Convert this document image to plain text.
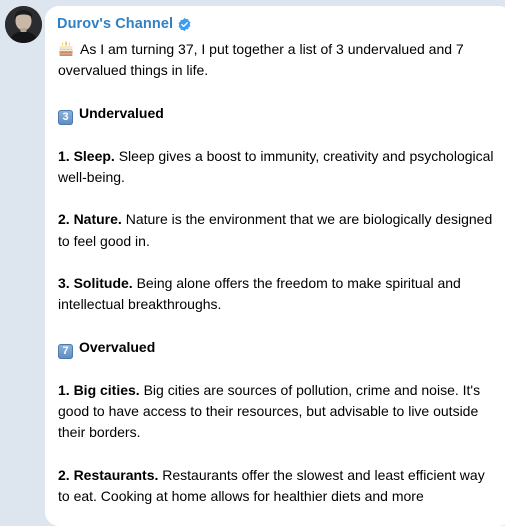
Durov's Channel

As I am turning 37, I put together a list of 3 undervalued and 7 overvalued things in life.

3 Undervalued

1. Sleep. Sleep gives a boost to immunity, creativity and psychological well-being.

2. Nature. Nature is the environment that we are biologically designed to feel good in.

3. Solitude. Being alone offers the freedom to make spiritual and intellectual breakthroughs.

7 Overvalued

1. Big cities. Big cities are sources of pollution, crime and noise. It's good to have access to their resources, but advisable to live outside their borders.

2. Restaurants. Restaurants offer the slowest and least efficient way to eat. Cooking at home allows for healthier diets and more
